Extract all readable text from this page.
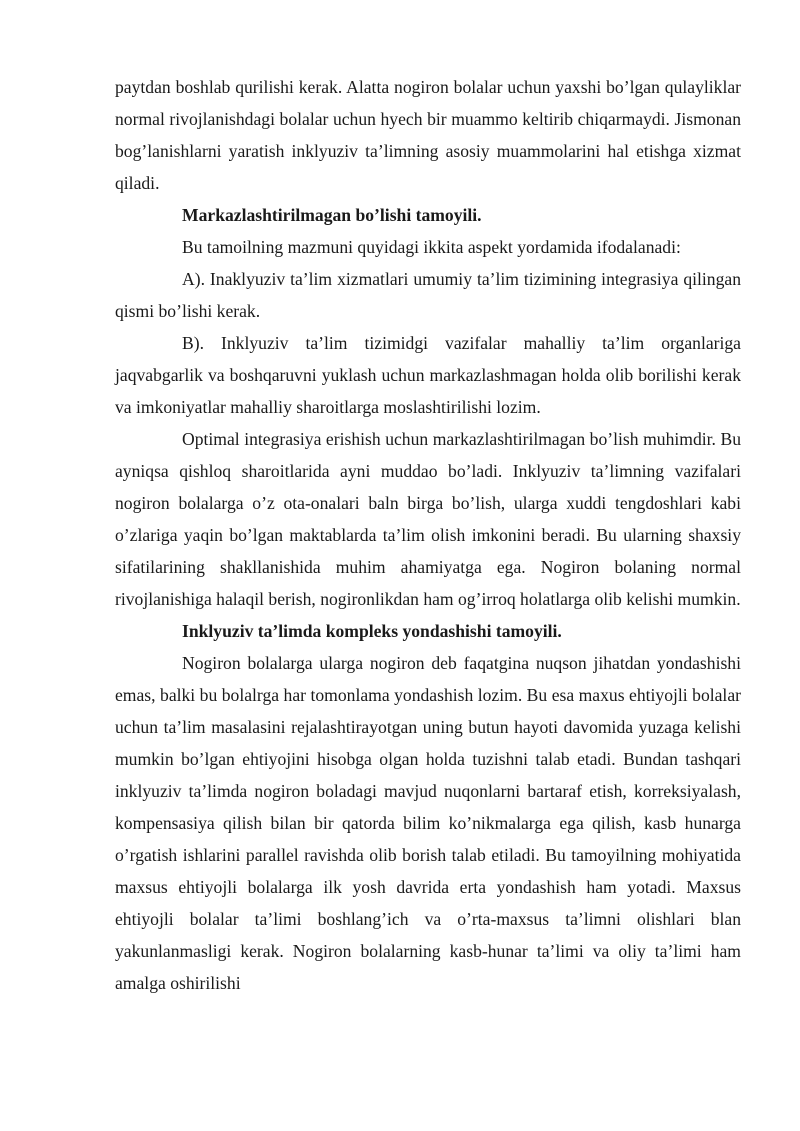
paytdan boshlab qurilishi kerak. Alatta nogiron bolalar uchun yaxshi bo’lgan qulayliklar normal rivojlanishdagi bolalar uchun hyech bir muammo keltirib chiqarmaydi. Jismonan bog’lanishlarni yaratish inklyuziv ta’limning asosiy muammolarini hal etishga xizmat qiladi.

Markazlashtirilmagan bo’lishi tamoyili.

Bu tamoilning mazmuni quyidagi ikkita aspekt yordamida ifodalanadi:

A). Inaklyuziv ta’lim xizmatlari umumiy ta’lim tizimining integrasiya qilingan qismi bo’lishi kerak.

B). Inklyuziv ta’lim tizimidgi vazifalar mahalliy ta’lim organlariga jaqvabgarlik va boshqaruvni yuklash uchun markazlashmagan holda olib borilishi kerak va imkoniyatlar mahalliy sharoitlarga moslashtirilishi lozim.

Optimal integrasiya erishish uchun markazlashtirilmagan bo’lish muhimdir. Bu ayniqsa qishloq sharoitlarida ayni muddao bo’ladi. Inklyuziv ta’limning vazifalari nogiron bolalarga o’z ota-onalari baln birga bo’lish, ularga xuddi tengdoshlari kabi o’zlariga yaqin bo’lgan maktablarda ta’lim olish imkonini beradi. Bu ularning shaxsiy sifatilarining shakllanishida muhim ahamiyatga ega. Nogiron bolaning normal rivojlanishiga halaqil berish, nogironlikdan ham og’irroq holatlarga olib kelishi mumkin.

Inklyuziv ta’limda kompleks yondashishi tamoyili.

Nogiron bolalarga ularga nogiron deb faqatgina nuqson jihatdan yondashishi emas, balki bu bolalrga har tomonlama yondashish lozim. Bu esa maxus ehtiyojli bolalar uchun ta’lim masalasini rejalashtirayotgan uning butun hayoti davomida yuzaga kelishi mumkin bo’lgan ehtiyojini hisobga olgan holda tuzishni talab etadi. Bundan tashqari inklyuziv ta’limda nogiron boladagi mavjud nuqonlarni bartaraf etish, korreksiyalash, kompensasiya qilish bilan bir qatorda bilim ko’nikmalarga ega qilish, kasb hunarga o’rgatish ishlarini parallel ravishda olib borish talab etiladi. Bu tamoyilning mohiyatida maxsus ehtiyojli bolalarga ilk yosh davrida erta yondashish ham yotadi. Maxsus ehtiyojli bolalar ta’limi boshlang’ich va o’rta-maxsus ta’limni olishlari blan yakunlanmasligi kerak. Nogiron bolalarning kasb-hunar ta’limi va oliy ta’limi ham amalga oshirilishi
